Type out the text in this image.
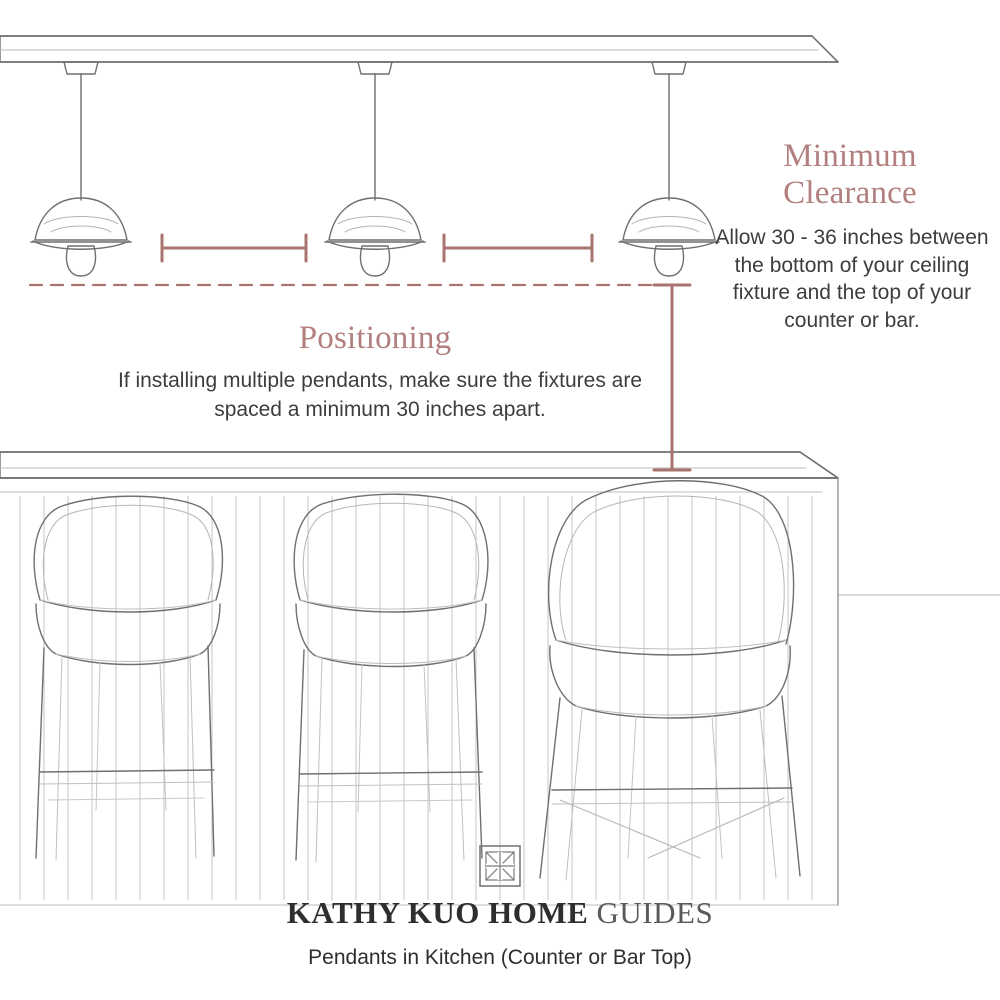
Minimum
Clearance
Allow 30 - 36 inches between the bottom of your ceiling fixture and the top of your counter or bar.
Positioning
If installing multiple pendants, make sure the fixtures are spaced a minimum 30 inches apart.
KATHY KUO HOME GUIDES
Pendants in Kitchen (Counter or Bar Top)
